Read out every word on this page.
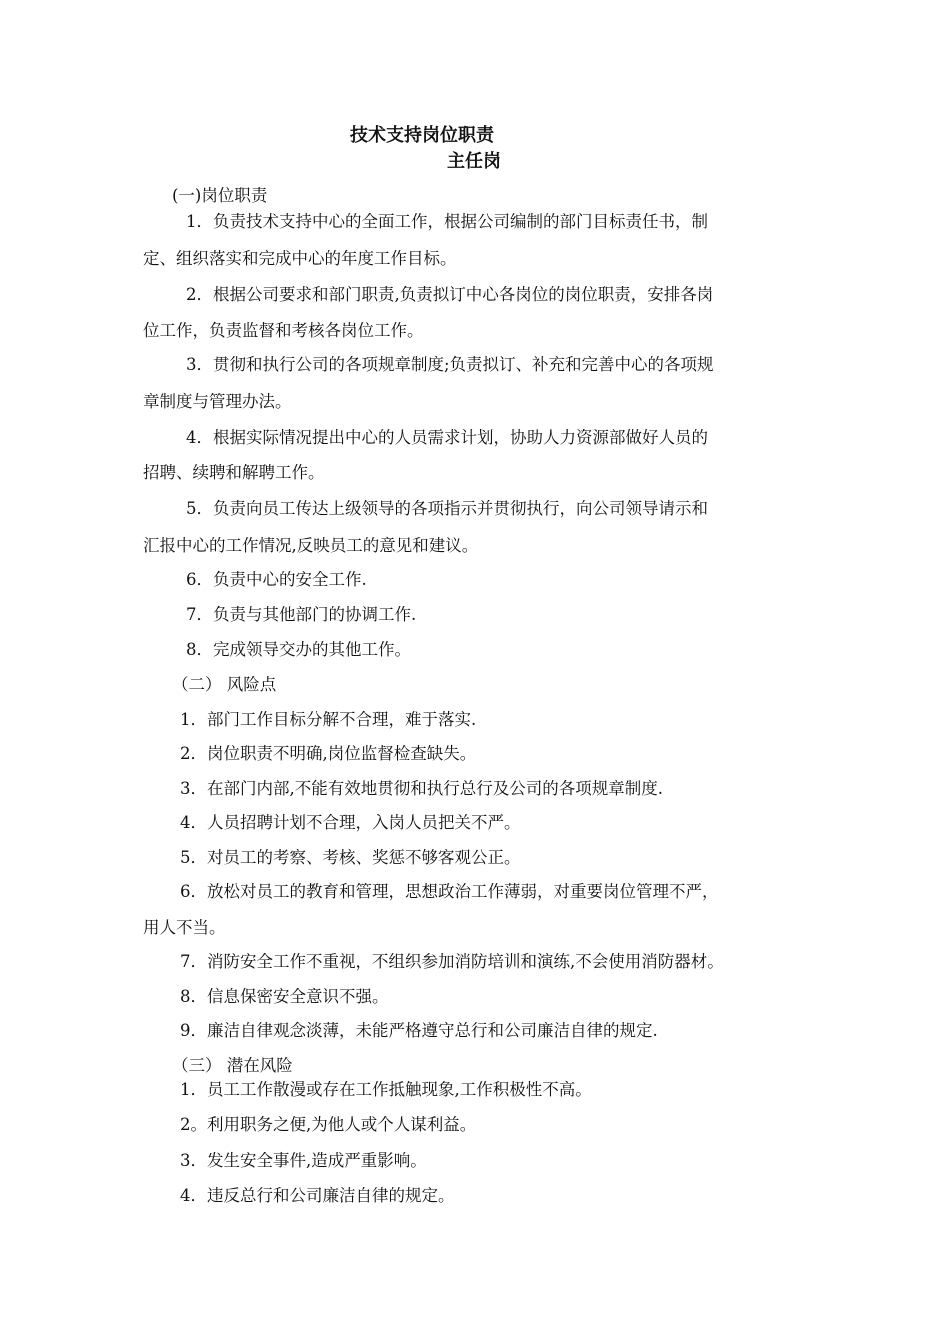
技术支持岗位职责
主任岗

(一)岗位职责

1．负责技术支持中心的全面工作，根据公司编制的部门目标责任书，制

定、组织落实和完成中心的年度工作目标。

2．根据公司要求和部门职责,负责拟订中心各岗位的岗位职责，安排各岗

位工作，负责监督和考核各岗位工作。

3．贯彻和执行公司的各项规章制度;负责拟订、补充和完善中心的各项规

章制度与管理办法。

4．根据实际情况提出中心的人员需求计划，协助人力资源部做好人员的

招聘、续聘和解聘工作。

5．负责向员工传达上级领导的各项指示并贯彻执行，向公司领导请示和

汇报中心的工作情况,反映员工的意见和建议。

6．负责中心的安全工作.

7．负责与其他部门的协调工作.

8．完成领导交办的其他工作。

（二） 风险点

1．部门工作目标分解不合理，难于落实.

2．岗位职责不明确,岗位监督检查缺失。

3．在部门内部,不能有效地贯彻和执行总行及公司的各项规章制度.

4．人员招聘计划不合理，入岗人员把关不严。

5．对员工的考察、考核、奖惩不够客观公正。

6．放松对员工的教育和管理，思想政治工作薄弱，对重要岗位管理不严，

用人不当。

7．消防安全工作不重视，不组织参加消防培训和演练,不会使用消防器材。

8．信息保密安全意识不强。

9．廉洁自律观念淡薄，未能严格遵守总行和公司廉洁自律的规定.

（三） 潜在风险

1．员工工作散漫或存在工作抵触现象,工作积极性不高。

2。利用职务之便,为他人或个人谋利益。

3．发生安全事件,造成严重影响。

4．违反总行和公司廉洁自律的规定。
